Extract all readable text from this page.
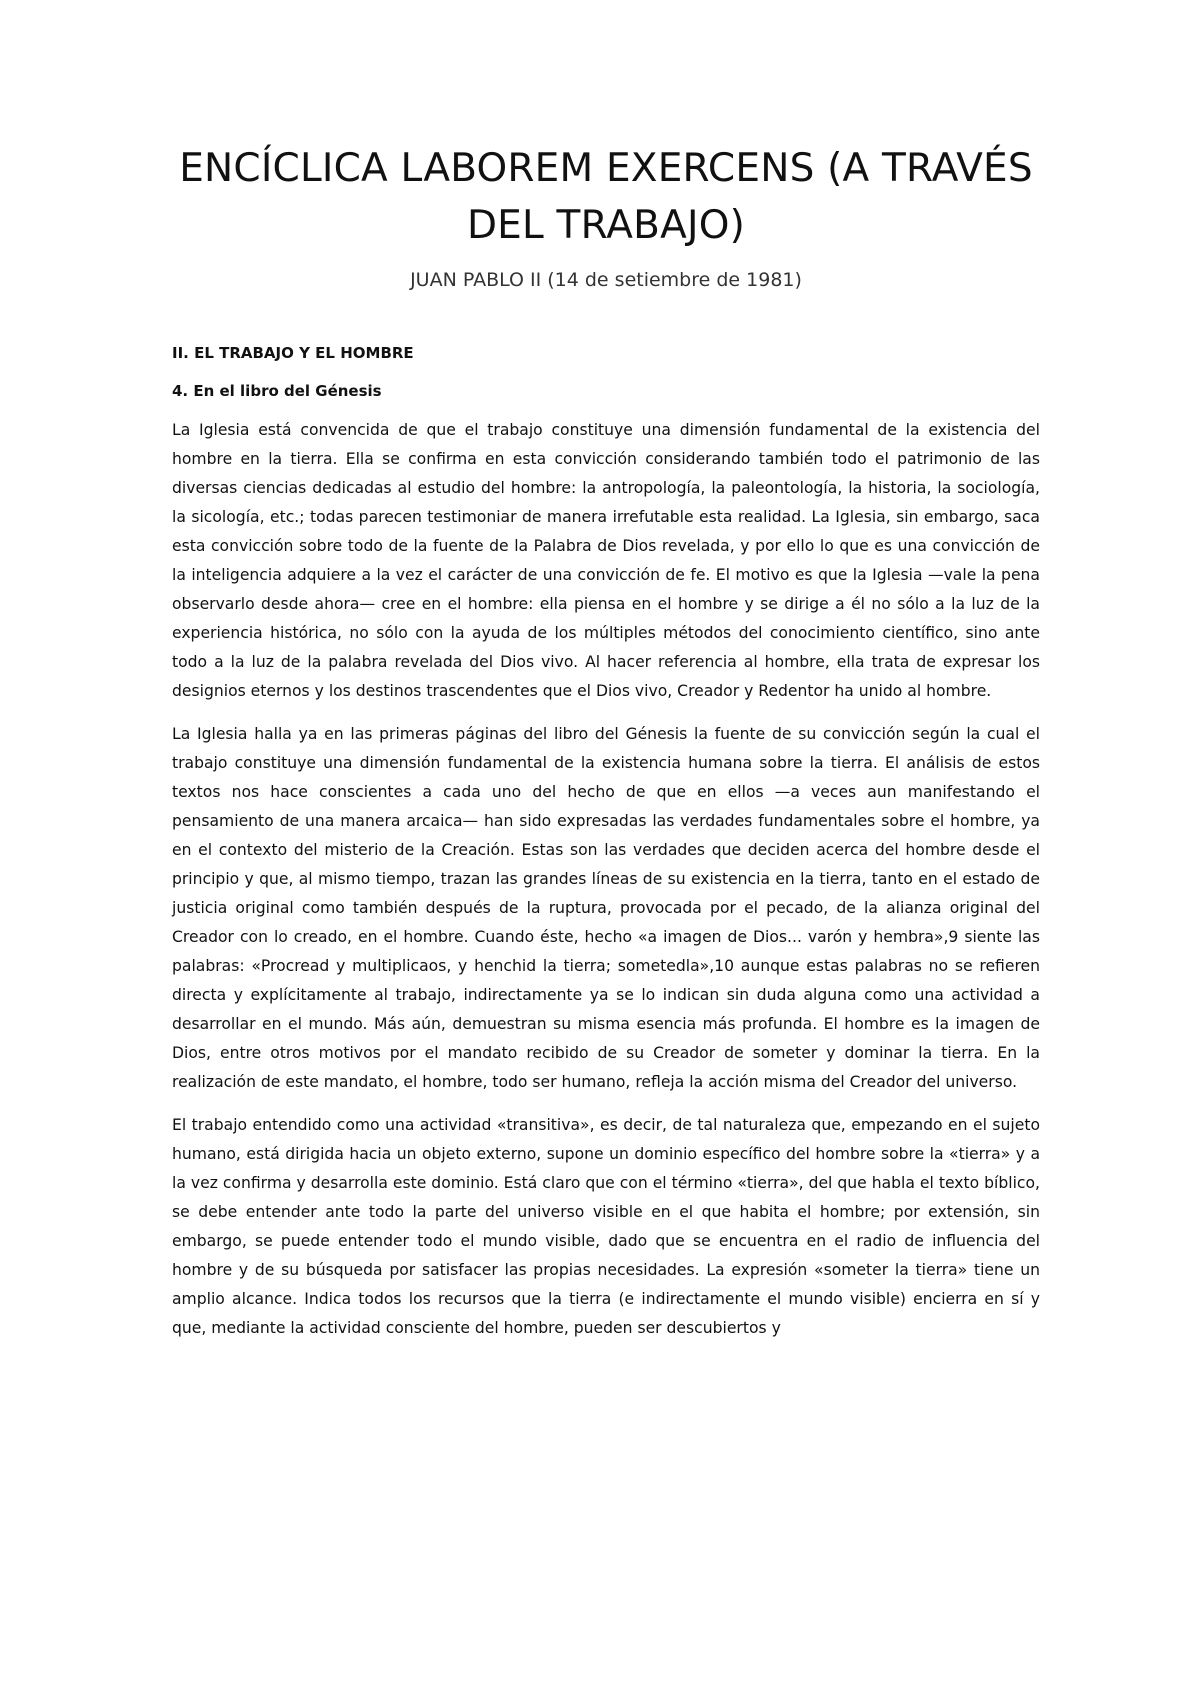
ENCÍCLICA LABOREM EXERCENS (A TRAVÉS DEL TRABAJO)
JUAN PABLO II (14 de setiembre de 1981)
II. EL TRABAJO Y EL HOMBRE
4. En el libro del Génesis

La Iglesia está convencida de que el trabajo constituye una dimensión fundamental de la existencia del hombre en la tierra. Ella se confirma en esta convicción considerando también todo el patrimonio de las diversas ciencias dedicadas al estudio del hombre: la antropología, la paleontología, la historia, la sociología, la sicología, etc.; todas parecen testimoniar de manera irrefutable esta realidad. La Iglesia, sin embargo, saca esta convicción sobre todo de la fuente de la Palabra de Dios revelada, y por ello lo que es una convicción de la inteligencia adquiere a la vez el carácter de una convicción de fe. El motivo es que la Iglesia —vale la pena observarlo desde ahora— cree en el hombre: ella piensa en el hombre y se dirige a él no sólo a la luz de la experiencia histórica, no sólo con la ayuda de los múltiples métodos del conocimiento científico, sino ante todo a la luz de la palabra revelada del Dios vivo. Al hacer referencia al hombre, ella trata de expresar los designios eternos y los destinos trascendentes que el Dios vivo, Creador y Redentor ha unido al hombre.

La Iglesia halla ya en las primeras páginas del libro del Génesis la fuente de su convicción según la cual el trabajo constituye una dimensión fundamental de la existencia humana sobre la tierra. El análisis de estos textos nos hace conscientes a cada uno del hecho de que en ellos —a veces aun manifestando el pensamiento de una manera arcaica— han sido expresadas las verdades fundamentales sobre el hombre, ya en el contexto del misterio de la Creación. Estas son las verdades que deciden acerca del hombre desde el principio y que, al mismo tiempo, trazan las grandes líneas de su existencia en la tierra, tanto en el estado de justicia original como también después de la ruptura, provocada por el pecado, de la alianza original del Creador con lo creado, en el hombre. Cuando éste, hecho «a imagen de Dios... varón y hembra»,9 siente las palabras: «Procread y multiplicaos, y henchid la tierra; sometedla»,10 aunque estas palabras no se refieren directa y explícitamente al trabajo, indirectamente ya se lo indican sin duda alguna como una actividad a desarrollar en el mundo. Más aún, demuestran su misma esencia más profunda. El hombre es la imagen de Dios, entre otros motivos por el mandato recibido de su Creador de someter y dominar la tierra. En la realización de este mandato, el hombre, todo ser humano, refleja la acción misma del Creador del universo.

El trabajo entendido como una actividad «transitiva», es decir, de tal naturaleza que, empezando en el sujeto humano, está dirigida hacia un objeto externo, supone un dominio específico del hombre sobre la «tierra» y a la vez confirma y desarrolla este dominio. Está claro que con el término «tierra», del que habla el texto bíblico, se debe entender ante todo la parte del universo visible en el que habita el hombre; por extensión, sin embargo, se puede entender todo el mundo visible, dado que se encuentra en el radio de influencia del hombre y de su búsqueda por satisfacer las propias necesidades. La expresión «someter la tierra» tiene un amplio alcance. Indica todos los recursos que la tierra (e indirectamente el mundo visible) encierra en sí y que, mediante la actividad consciente del hombre, pueden ser descubiertos y
